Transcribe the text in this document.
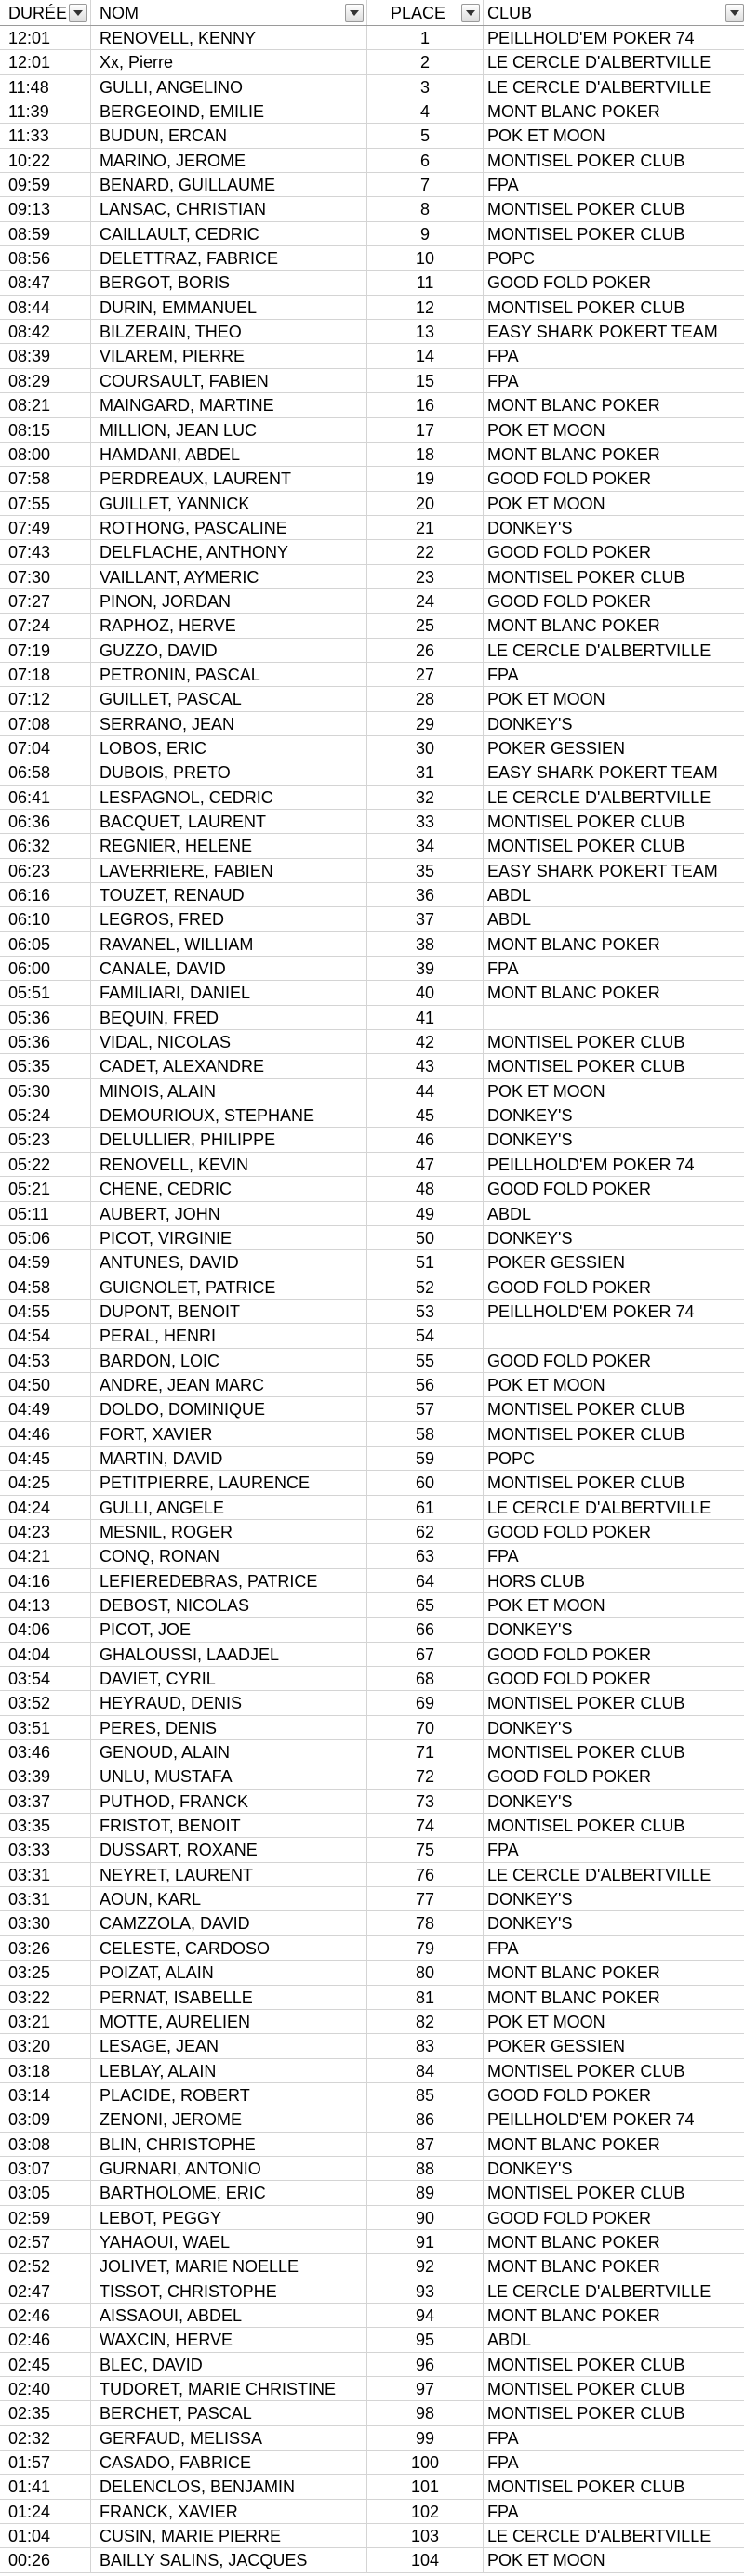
DURÉE	NOM	PLACE	CLUB
12:01	RENOVELL, KENNY	1	PEILLHOLD'EM POKER 74
12:01	Xx, Pierre	2	LE CERCLE D'ALBERTVILLE
11:48	GULLI, ANGELINO	3	LE CERCLE D'ALBERTVILLE
11:39	BERGEOIND, EMILIE	4	MONT BLANC POKER
11:33	BUDUN, ERCAN	5	POK ET MOON
10:22	MARINO, JEROME	6	MONTISEL POKER CLUB
09:59	BENARD, GUILLAUME	7	FPA
09:13	LANSAC, CHRISTIAN	8	MONTISEL POKER CLUB
08:59	CAILLAULT, CEDRIC	9	MONTISEL POKER CLUB
08:56	DELETTRAZ, FABRICE	10	POPC
08:47	BERGOT, BORIS	11	GOOD FOLD POKER
08:44	DURIN, EMMANUEL	12	MONTISEL POKER CLUB
08:42	BILZERAIN, THEO	13	EASY SHARK POKERT TEAM
08:39	VILAREM, PIERRE	14	FPA
08:29	COURSAULT, FABIEN	15	FPA
08:21	MAINGARD, MARTINE	16	MONT BLANC POKER
08:15	MILLION, JEAN LUC	17	POK ET MOON
08:00	HAMDANI, ABDEL	18	MONT BLANC POKER
07:58	PERDREAUX, LAURENT	19	GOOD FOLD POKER
07:55	GUILLET, YANNICK	20	POK ET MOON
07:49	ROTHONG, PASCALINE	21	DONKEY'S
07:43	DELFLACHE, ANTHONY	22	GOOD FOLD POKER
07:30	VAILLANT, AYMERIC	23	MONTISEL POKER CLUB
07:27	PINON, JORDAN	24	GOOD FOLD POKER
07:24	RAPHOZ, HERVE	25	MONT BLANC POKER
07:19	GUZZO, DAVID	26	LE CERCLE D'ALBERTVILLE
07:18	PETRONIN, PASCAL	27	FPA
07:12	GUILLET, PASCAL	28	POK ET MOON
07:08	SERRANO, JEAN	29	DONKEY'S
07:04	LOBOS, ERIC	30	POKER GESSIEN
06:58	DUBOIS, PRETO	31	EASY SHARK POKERT TEAM
06:41	LESPAGNOL, CEDRIC	32	LE CERCLE D'ALBERTVILLE
06:36	BACQUET, LAURENT	33	MONTISEL POKER CLUB
06:32	REGNIER, HELENE	34	MONTISEL POKER CLUB
06:23	LAVERRIERE, FABIEN	35	EASY SHARK POKERT TEAM
06:16	TOUZET, RENAUD	36	ABDL
06:10	LEGROS, FRED	37	ABDL
06:05	RAVANEL, WILLIAM	38	MONT BLANC POKER
06:00	CANALE, DAVID	39	FPA
05:51	FAMILIARI, DANIEL	40	MONT BLANC POKER
05:36	BEQUIN, FRED	41
05:36	VIDAL, NICOLAS	42	MONTISEL POKER CLUB
05:35	CADET, ALEXANDRE	43	MONTISEL POKER CLUB
05:30	MINOIS, ALAIN	44	POK ET MOON
05:24	DEMOURIOUX, STEPHANE	45	DONKEY'S
05:23	DELULLIER, PHILIPPE	46	DONKEY'S
05:22	RENOVELL, KEVIN	47	PEILLHOLD'EM POKER 74
05:21	CHENE, CEDRIC	48	GOOD FOLD POKER
05:11	AUBERT, JOHN	49	ABDL
05:06	PICOT, VIRGINIE	50	DONKEY'S
04:59	ANTUNES, DAVID	51	POKER GESSIEN
04:58	GUIGNOLET, PATRICE	52	GOOD FOLD POKER
04:55	DUPONT, BENOIT	53	PEILLHOLD'EM POKER 74
04:54	PERAL, HENRI	54
04:53	BARDON, LOIC	55	GOOD FOLD POKER
04:50	ANDRE, JEAN MARC	56	POK ET MOON
04:49	DOLDO, DOMINIQUE	57	MONTISEL POKER CLUB
04:46	FORT, XAVIER	58	MONTISEL POKER CLUB
04:45	MARTIN, DAVID	59	POPC
04:25	PETITPIERRE, LAURENCE	60	MONTISEL POKER CLUB
04:24	GULLI, ANGELE	61	LE CERCLE D'ALBERTVILLE
04:23	MESNIL, ROGER	62	GOOD FOLD POKER
04:21	CONQ, RONAN	63	FPA
04:16	LEFIEREDEBRAS, PATRICE	64	HORS CLUB
04:13	DEBOST, NICOLAS	65	POK ET MOON
04:06	PICOT, JOE	66	DONKEY'S
04:04	GHALOUSSI, LAADJEL	67	GOOD FOLD POKER
03:54	DAVIET, CYRIL	68	GOOD FOLD POKER
03:52	HEYRAUD, DENIS	69	MONTISEL POKER CLUB
03:51	PERES, DENIS	70	DONKEY'S
03:46	GENOUD, ALAIN	71	MONTISEL POKER CLUB
03:39	UNLU, MUSTAFA	72	GOOD FOLD POKER
03:37	PUTHOD, FRANCK	73	DONKEY'S
03:35	FRISTOT, BENOIT	74	MONTISEL POKER CLUB
03:33	DUSSART, ROXANE	75	FPA
03:31	NEYRET, LAURENT	76	LE CERCLE D'ALBERTVILLE
03:31	AOUN, KARL	77	DONKEY'S
03:30	CAMZZOLA, DAVID	78	DONKEY'S
03:26	CELESTE, CARDOSO	79	FPA
03:25	POIZAT, ALAIN	80	MONT BLANC POKER
03:22	PERNAT, ISABELLE	81	MONT BLANC POKER
03:21	MOTTE, AURELIEN	82	POK ET MOON
03:20	LESAGE, JEAN	83	POKER GESSIEN
03:18	LEBLAY, ALAIN	84	MONTISEL POKER CLUB
03:14	PLACIDE, ROBERT	85	GOOD FOLD POKER
03:09	ZENONI, JEROME	86	PEILLHOLD'EM POKER 74
03:08	BLIN, CHRISTOPHE	87	MONT BLANC POKER
03:07	GURNARI, ANTONIO	88	DONKEY'S
03:05	BARTHOLOME, ERIC	89	MONTISEL POKER CLUB
02:59	LEBOT, PEGGY	90	GOOD FOLD POKER
02:57	YAHAOUI, WAEL	91	MONT BLANC POKER
02:52	JOLIVET, MARIE NOELLE	92	MONT BLANC POKER
02:47	TISSOT, CHRISTOPHE	93	LE CERCLE D'ALBERTVILLE
02:46	AISSAOUI, ABDEL	94	MONT BLANC POKER
02:46	WAXCIN, HERVE	95	ABDL
02:45	BLEC, DAVID	96	MONTISEL POKER CLUB
02:40	TUDORET, MARIE CHRISTINE	97	MONTISEL POKER CLUB
02:35	BERCHET, PASCAL	98	MONTISEL POKER CLUB
02:32	GERFAUD, MELISSA	99	FPA
01:57	CASADO, FABRICE	100	FPA
01:41	DELENCLOS, BENJAMIN	101	MONTISEL POKER CLUB
01:24	FRANCK, XAVIER	102	FPA
01:04	CUSIN, MARIE PIERRE	103	LE CERCLE D'ALBERTVILLE
00:26	BAILLY SALINS, JACQUES	104	POK ET MOON
